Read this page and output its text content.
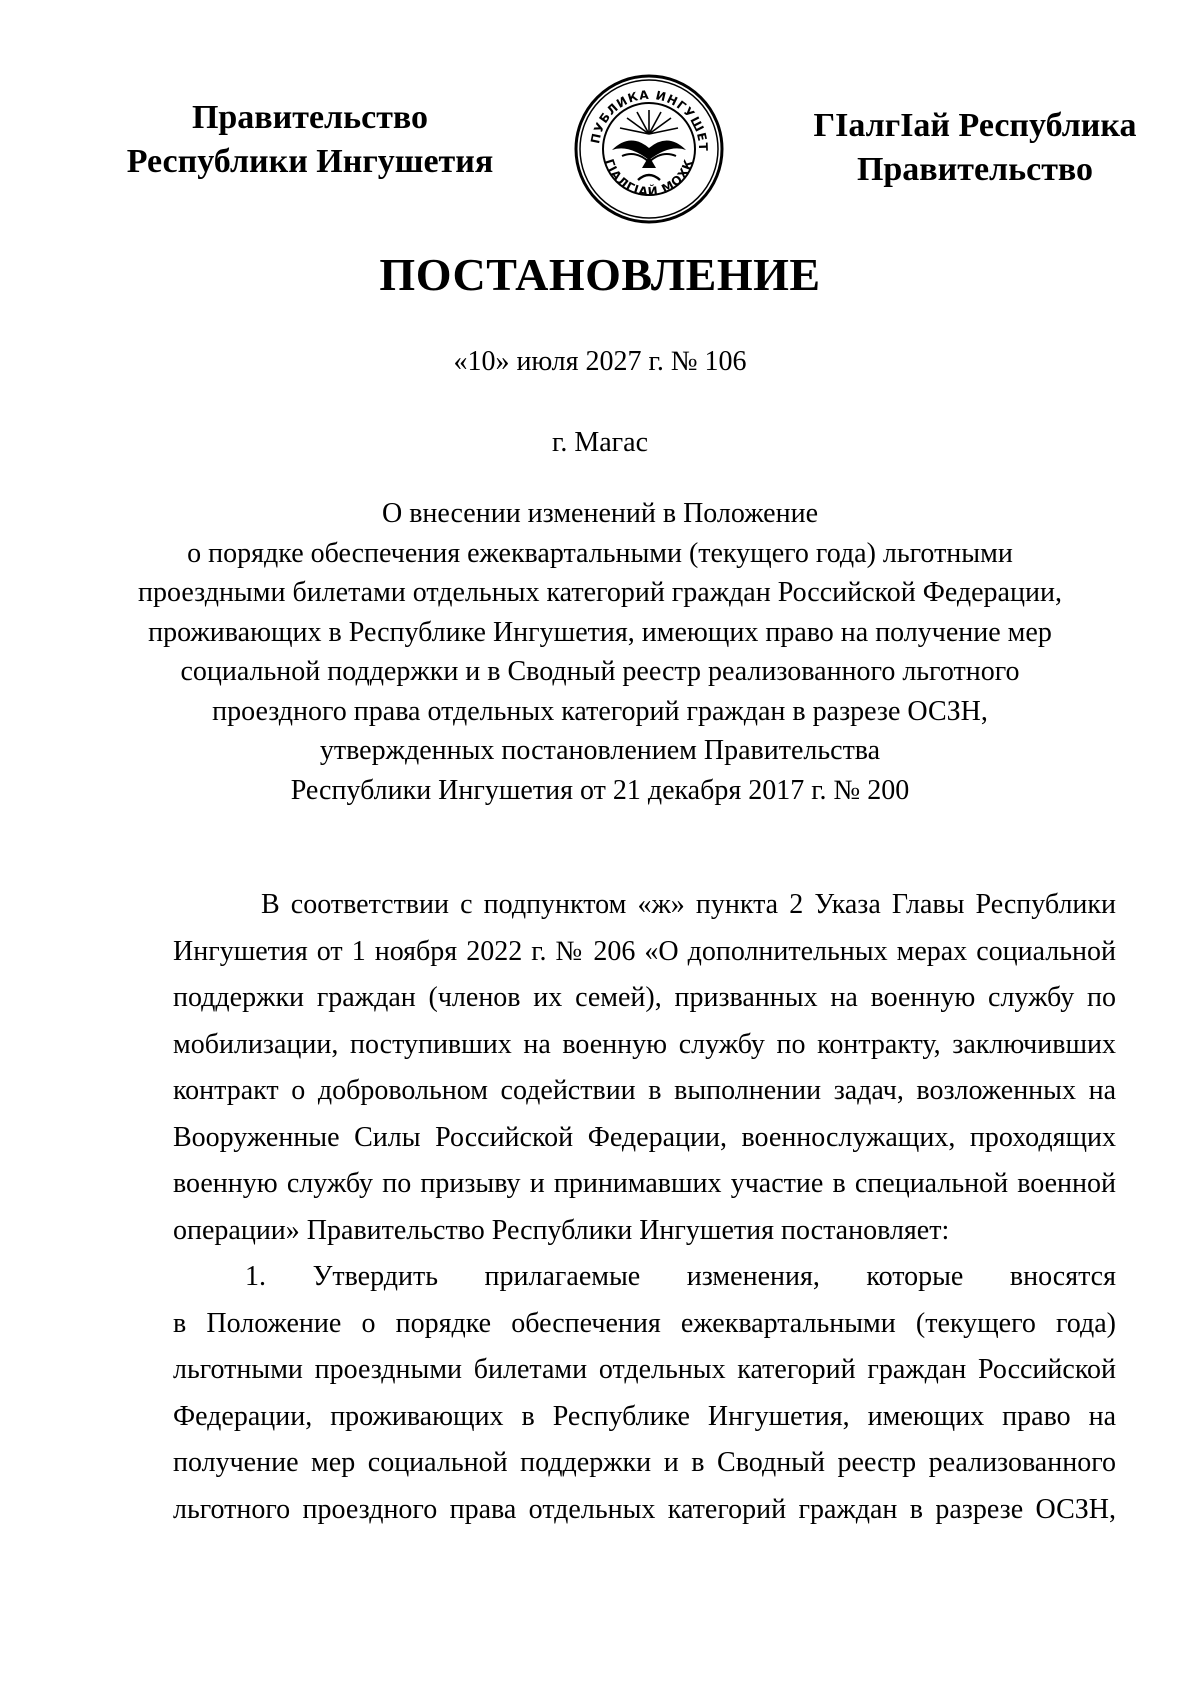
Правительство
Республики Ингушетия
ПУБЛИКА ИНГУШЕТ
ГIАЛГIАЙ МОХК
ГIалгIай Республика
Правительство
ПОСТАНОВЛЕНИЕ
«10» июля 2027 г. № 106
г. Магас
О внесении изменений в Положение
о порядке обеспечения ежеквартальными (текущего года) льготными
проездными билетами отдельных категорий граждан Российской Федерации,
проживающих в Республике Ингушетия, имеющих право на получение мер
социальной поддержки и в Сводный реестр реализованного льготного
проездного права отдельных категорий граждан в разрезе ОСЗН,
утвержденных постановлением Правительства
Республики Ингушетия от 21 декабря 2017 г. № 200
В соответствии с подпунктом «ж» пункта 2 Указа Главы Республики
Ингушетия от 1 ноября 2022 г. № 206 «О дополнительных мерах социальной
поддержки граждан (членов их семей), призванных на военную службу по
мобилизации, поступивших на военную службу по контракту, заключивших
контракт о добровольном содействии в выполнении задач, возложенных на
Вооруженные Силы Российской Федерации, военнослужащих, проходящих
военную службу по призыву и принимавших участие в специальной военной
операции» Правительство Республики Ингушетия постановляет:
1. Утвердить прилагаемые изменения, которые вносятся
в Положение о порядке обеспечения ежеквартальными (текущего года)
льготными проездными билетами отдельных категорий граждан Российской
Федерации, проживающих в Республике Ингушетия, имеющих право на
получение мер социальной поддержки и в Сводный реестр реализованного
льготного проездного права отдельных категорий граждан в разрезе ОСЗН,
